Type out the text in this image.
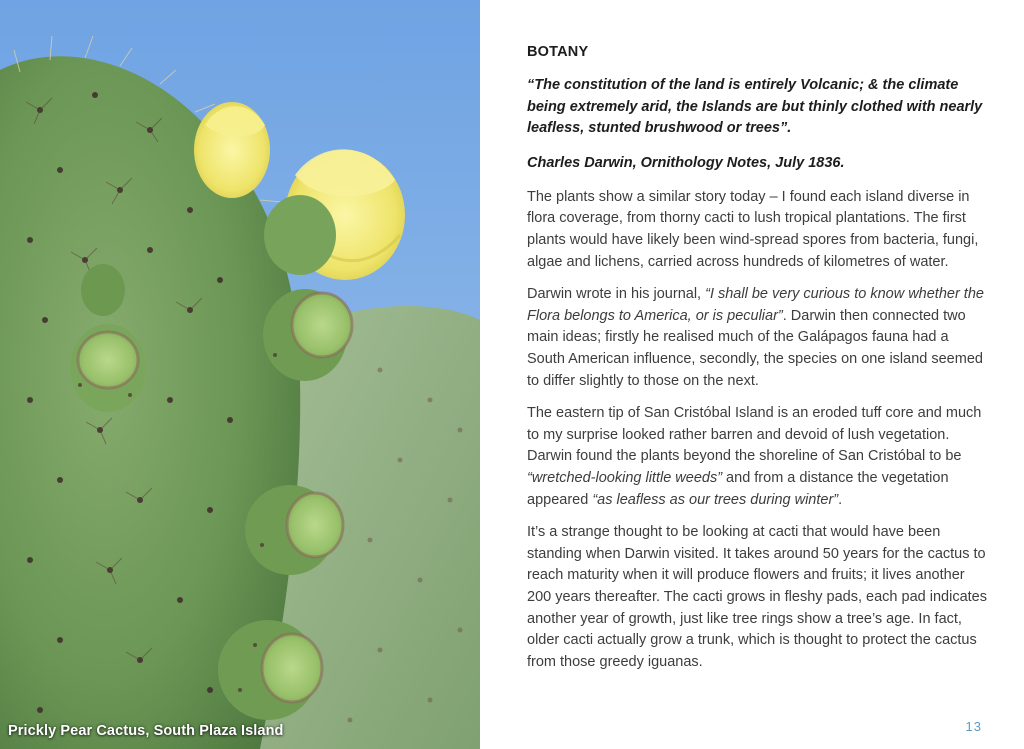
Prickly Pear Cactus, South Plaza Island
BOTANY

“The constitution of the land is entirely Volcanic; & the climate being extremely arid, the Islands are but thinly clothed with nearly leafless, stunted brushwood or trees”.

Charles Darwin, Ornithology Notes, July 1836.

The plants show a similar story today – I found each island diverse in flora coverage, from thorny cacti to lush tropical plantations. The first plants would have likely been wind-spread spores from bacteria, fungi, algae and lichens, carried across hundreds of kilometres of water.

Darwin wrote in his journal, “I shall be very curious to know whether the Flora belongs to America, or is peculiar”. Darwin then connected two main ideas; firstly he realised much of the Galápagos fauna had a South American influence, secondly, the species on one island seemed to differ slightly to those on the next.

The eastern tip of San Cristóbal Island is an eroded tuff core and much to my surprise looked rather barren and devoid of lush vegetation. Darwin found the plants beyond the shoreline of San Cristóbal to be “wretched-looking little weeds” and from a distance the vegetation appeared “as leafless as our trees during winter”.

It’s a strange thought to be looking at cacti that would have been standing when Darwin visited. It takes around 50 years for the cactus to reach maturity when it will produce flowers and fruits; it lives another 200 years thereafter. The cacti grows in fleshy pads, each pad indicates another year of growth, just like tree rings show a tree’s age. In fact, older cacti actually grow a trunk, which is thought to protect the cactus from those greedy iguanas.

13
